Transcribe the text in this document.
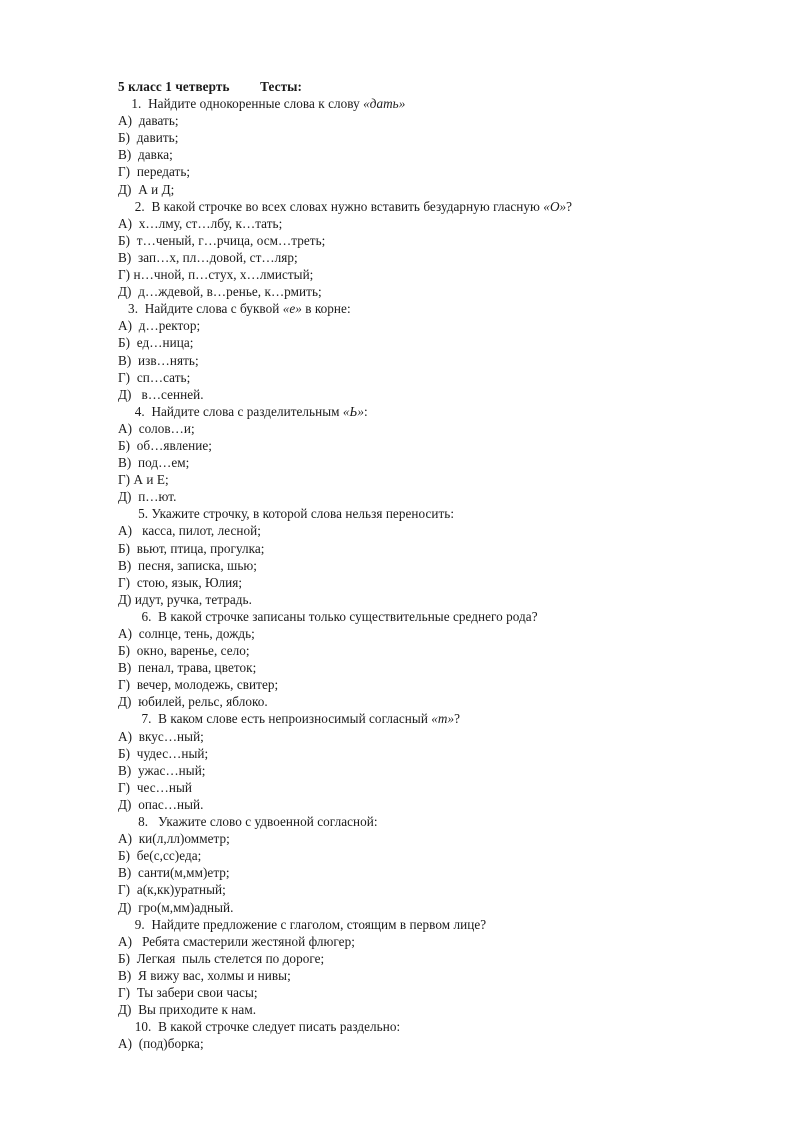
5 класс 1 четверть Тесты:
1. Найдите однокоренные слова к слову «дать»
А) давать;
Б) давить;
В) давка;
Г) передать;
Д) А и Д;
2. В какой строчке во всех словах нужно вставить безударную гласную «О»?
А) х…лму, ст…лбу, к…тать;
Б) т…ченый, г…рчица, осм…треть;
В) зап…х, пл…довой, ст…ляр;
Г) н…чной, п…стух, х…лмистый;
Д) д…ждевой, в…ренье, к…рмить;
3. Найдите слова с буквой «е» в корне:
А) д…ректор;
Б) ед…ница;
В) изв…нять;
Г) сп…сать;
Д) в…сенней.
4. Найдите слова с разделительным «Ь»:
А) солов…и;
Б) об…явление;
В) под…ем;
Г) А и Е;
Д) п…ют.
5. Укажите строчку, в которой слова нельзя переносить:
А) касса, пилот, лесной;
Б) вьют, птица, прогулка;
В) песня, записка, шью;
Г) стою, язык, Юлия;
Д) идут, ручка, тетрадь.
6. В какой строчке записаны только существительные среднего рода?
А) солнце, тень, дождь;
Б) окно, варенье, село;
В) пенал, трава, цветок;
Г) вечер, молодежь, свитер;
Д) юбилей, рельс, яблоко.
7. В каком слове есть непроизносимый согласный «т»?
А) вкус…ный;
Б) чудес…ный;
В) ужас…ный;
Г) чес…ный
Д) опас…ный.
8. Укажите слово с удвоенной согласной:
А) ки(л,лл)омметр;
Б) бе(с,сс)еда;
В) санти(м,мм)етр;
Г) а(к,кк)уратный;
Д) гро(м,мм)адный.
9. Найдите предложение с глаголом, стоящим в первом лице?
А) Ребята смастерили жестяной флюгер;
Б) Легкая  пыль стелется по дороге;
В) Я вижу вас, холмы и нивы;
Г) Ты забери свои часы;
Д) Вы приходите к нам.
10. В какой строчке следует писать раздельно:
А) (под)борка;
